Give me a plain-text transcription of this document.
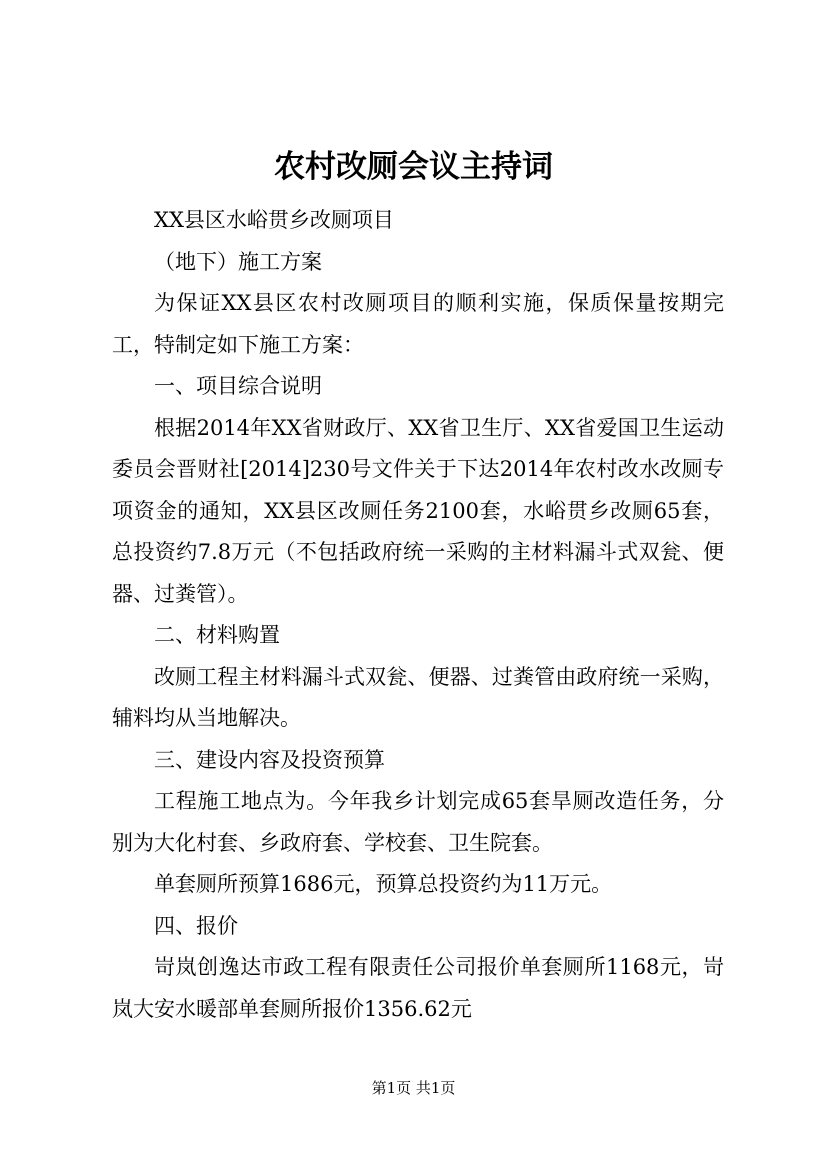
农村改厕会议主持词

XX县区水峪贯乡改厕项目

（地下）施工方案

为保证XX县区农村改厕项目的顺利实施，保质保量按期完工，特制定如下施工方案：

一、项目综合说明

根据2014年XX省财政厅、XX省卫生厅、XX省爱国卫生运动委员会晋财社[2014]230号文件关于下达2014年农村改水改厕专项资金的通知，XX县区改厕任务2100套，水峪贯乡改厕65套，总投资约7.8万元（不包括政府统一采购的主材料漏斗式双瓮、便器、过粪管）。

二、材料购置

改厕工程主材料漏斗式双瓮、便器、过粪管由政府统一采购，辅料均从当地解决。

三、建设内容及投资预算

工程施工地点为。今年我乡计划完成65套旱厕改造任务，分别为大化村套、乡政府套、学校套、卫生院套。

单套厕所预算1686元，预算总投资约为11万元。

四、报价

岢岚创逸达市政工程有限责任公司报价单套厕所1168元，岢岚大安水暖部单套厕所报价1356.62元

第1页 共1页
